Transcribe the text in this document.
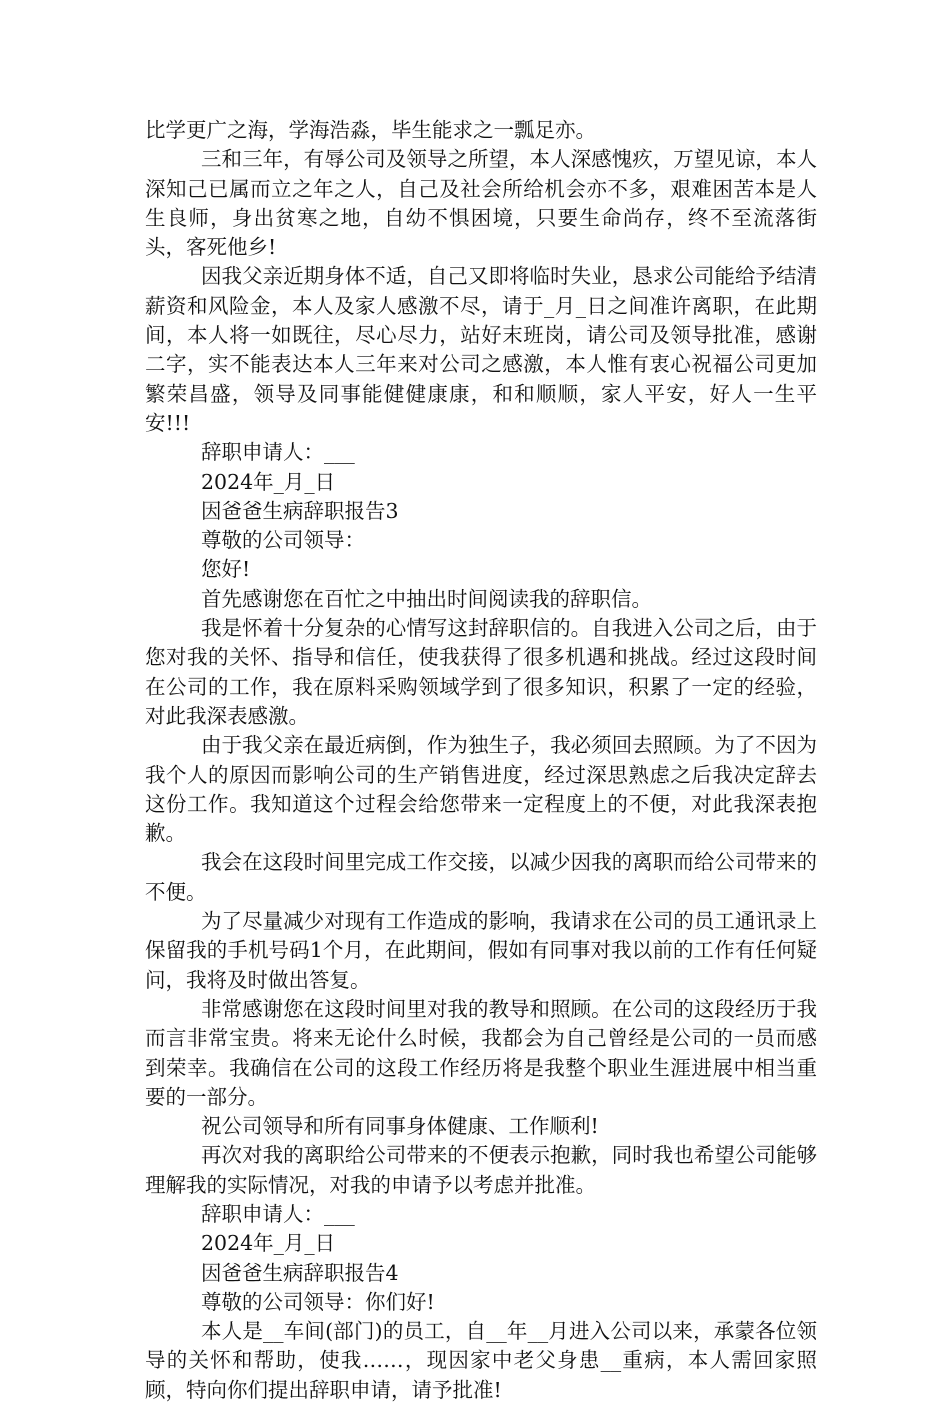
比学更广之海，学海浩淼，毕生能求之一瓢足亦。

三和三年，有辱公司及领导之所望，本人深感愧疚，万望见谅，本人深知己已属而立之年之人，自己及社会所给机会亦不多，艰难困苦本是人生良师，身出贫寒之地，自幼不惧困境，只要生命尚存，终不至流落街头，客死他乡!

因我父亲近期身体不适，自己又即将临时失业，恳求公司能给予结清薪资和风险金，本人及家人感激不尽，请于_月_日之间准许离职，在此期间，本人将一如既往，尽心尽力，站好末班岗，请公司及领导批准，感谢二字，实不能表达本人三年来对公司之感激，本人惟有衷心祝福公司更加繁荣昌盛，领导及同事能健健康康，和和顺顺，家人平安，好人一生平安!!!

辞职申请人：___

2024年_月_日

因爸爸生病辞职报告3

尊敬的公司领导：

您好!

首先感谢您在百忙之中抽出时间阅读我的辞职信。

我是怀着十分复杂的心情写这封辞职信的。自我进入公司之后，由于您对我的关怀、指导和信任，使我获得了很多机遇和挑战。经过这段时间在公司的工作，我在原料采购领域学到了很多知识，积累了一定的经验，对此我深表感激。

由于我父亲在最近病倒，作为独生子，我必须回去照顾。为了不因为我个人的原因而影响公司的生产销售进度，经过深思熟虑之后我决定辞去这份工作。我知道这个过程会给您带来一定程度上的不便，对此我深表抱歉。

我会在这段时间里完成工作交接，以减少因我的离职而给公司带来的不便。

为了尽量减少对现有工作造成的影响，我请求在公司的员工通讯录上保留我的手机号码1个月，在此期间，假如有同事对我以前的工作有任何疑问，我将及时做出答复。

非常感谢您在这段时间里对我的教导和照顾。在公司的这段经历于我而言非常宝贵。将来无论什么时候，我都会为自己曾经是公司的一员而感到荣幸。我确信在公司的这段工作经历将是我整个职业生涯进展中相当重要的一部分。

祝公司领导和所有同事身体健康、工作顺利!

再次对我的离职给公司带来的不便表示抱歉，同时我也希望公司能够理解我的实际情况，对我的申请予以考虑并批准。

辞职申请人：___

2024年_月_日

因爸爸生病辞职报告4

尊敬的公司领导：你们好!

本人是__车间(部门)的员工，自__年__月进入公司以来，承蒙各位领导的关怀和帮助，使我……，现因家中老父身患__重病，本人需回家照顾，特向你们提出辞职申请，请予批准!
